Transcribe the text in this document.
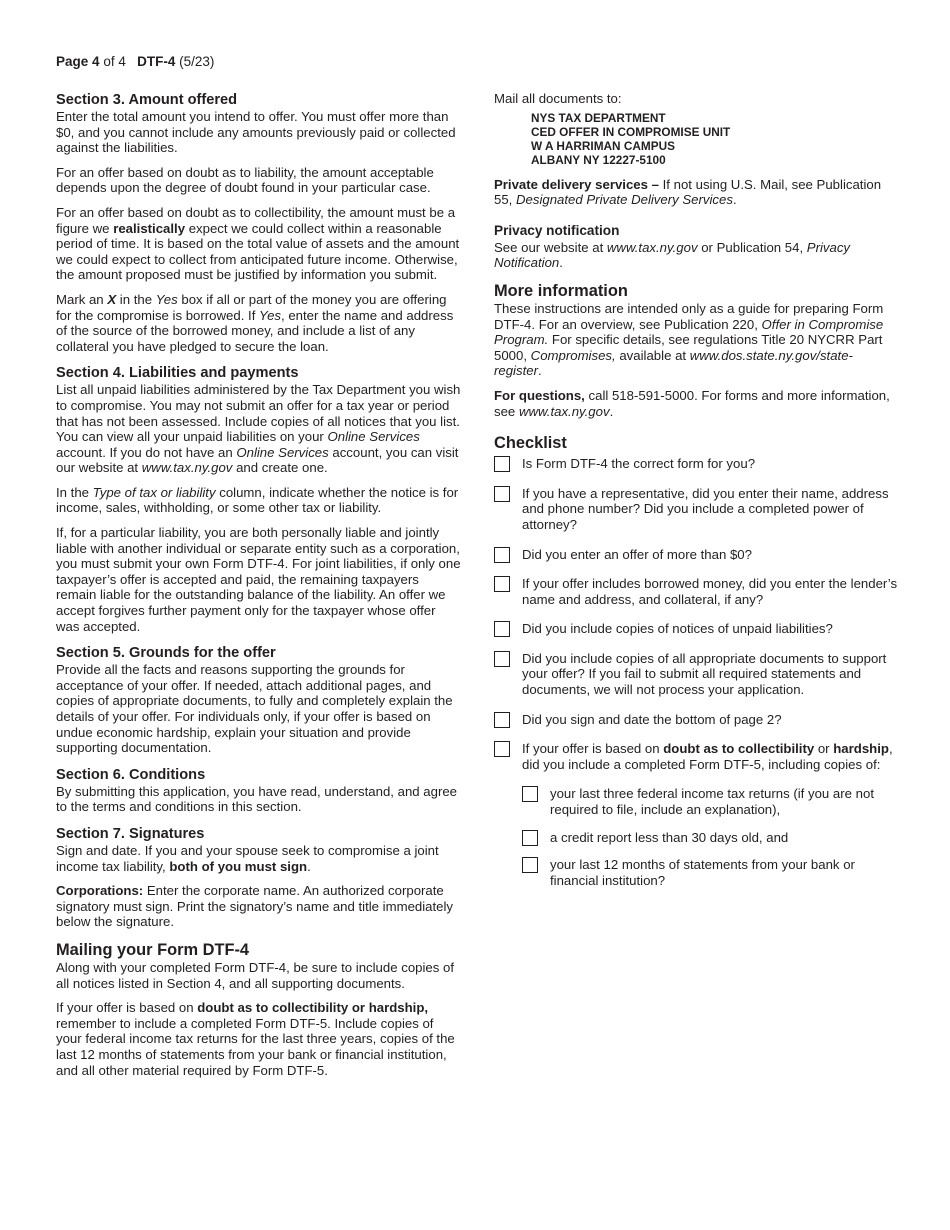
Page 4 of 4 DTF-4 (5/23)
Section 3. Amount offered

Enter the total amount you intend to offer. You must offer more than $0, and you cannot include any amounts previously paid or collected against the liabilities.

For an offer based on doubt as to liability, the amount acceptable depends upon the degree of doubt found in your particular case.

For an offer based on doubt as to collectibility, the amount must be a figure we realistically expect we could collect within a reasonable period of time. It is based on the total value of assets and the amount we could expect to collect from anticipated future income. Otherwise, the amount proposed must be justified by information you submit.

Mark an X in the Yes box if all or part of the money you are offering for the compromise is borrowed. If Yes, enter the name and address of the source of the borrowed money, and include a list of any collateral you have pledged to secure the loan.

Section 4. Liabilities and payments

List all unpaid liabilities administered by the Tax Department you wish to compromise. You may not submit an offer for a tax year or period that has not been assessed. Include copies of all notices that you list. You can view all your unpaid liabilities on your Online Services account. If you do not have an Online Services account, you can visit our website at www.tax.ny.gov and create one.

In the Type of tax or liability column, indicate whether the notice is for income, sales, withholding, or some other tax or liability.

If, for a particular liability, you are both personally liable and jointly liable with another individual or separate entity such as a corporation, you must submit your own Form DTF-4. For joint liabilities, if only one taxpayer’s offer is accepted and paid, the remaining taxpayers remain liable for the outstanding balance of the liability. An offer we accept forgives further payment only for the taxpayer whose offer was accepted.

Section 5. Grounds for the offer

Provide all the facts and reasons supporting the grounds for acceptance of your offer. If needed, attach additional pages, and copies of appropriate documents, to fully and completely explain the details of your offer. For individuals only, if your offer is based on undue economic hardship, explain your situation and provide supporting documentation.

Section 6. Conditions

By submitting this application, you have read, understand, and agree to the terms and conditions in this section.

Section 7. Signatures

Sign and date. If you and your spouse seek to compromise a joint income tax liability, both of you must sign.

Corporations: Enter the corporate name. An authorized corporate signatory must sign. Print the signatory’s name and title immediately below the signature.

Mailing your Form DTF-4

Along with your completed Form DTF-4, be sure to include copies of all notices listed in Section 4, and all supporting documents.

If your offer is based on doubt as to collectibility or hardship, remember to include a completed Form DTF-5. Include copies of your federal income tax returns for the last three years, copies of the last 12 months of statements from your bank or financial institution, and all other material required by Form DTF-5.

Mail all documents to:
NYS TAX DEPARTMENT
CED OFFER IN COMPROMISE UNIT
W A HARRIMAN CAMPUS
ALBANY NY 12227-5100

Private delivery services – If not using U.S. Mail, see Publication 55, Designated Private Delivery Services.

Privacy notification

See our website at www.tax.ny.gov or Publication 54, Privacy Notification.

More information

These instructions are intended only as a guide for preparing Form DTF-4. For an overview, see Publication 220, Offer in Compromise Program. For specific details, see regulations Title 20 NYCRR Part 5000, Compromises, available at www.dos.state.ny.gov/state-register.

For questions, call 518-591-5000. For forms and more information, see www.tax.ny.gov.

Checklist
Is Form DTF-4 the correct form for you?
If you have a representative, did you enter their name, address and phone number? Did you include a completed power of attorney?
Did you enter an offer of more than $0?
If your offer includes borrowed money, did you enter the lender’s name and address, and collateral, if any?
Did you include copies of notices of unpaid liabilities?
Did you include copies of all appropriate documents to support your offer? If you fail to submit all required statements and documents, we will not process your application.
Did you sign and date the bottom of page 2?
If your offer is based on doubt as to collectibility or hardship, did you include a completed Form DTF-5, including copies of:
your last three federal income tax returns (if you are not required to file, include an explanation),
a credit report less than 30 days old, and
your last 12 months of statements from your bank or financial institution?
